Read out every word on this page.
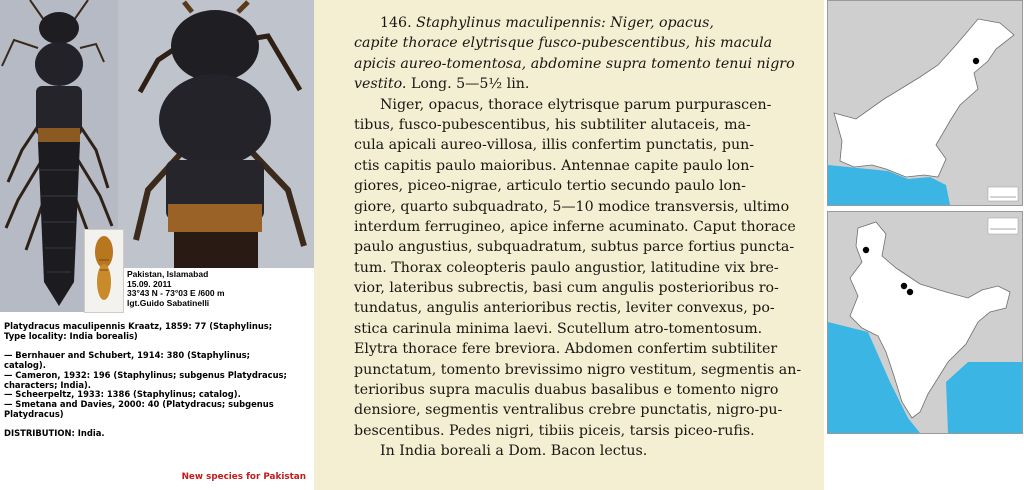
Pakistan, Islamabad
15.09. 2011
33°43 N - 73°03 E /600 m
lgt.Guido Sabatinelli

Platydracus maculipennis Kraatz, 1859: 77 (Staphylinus;
Type locality: India borealis)

— Bernhauer and Schubert, 1914: 380 (Staphylinus;
catalog).

— Cameron, 1932: 196 (Staphylinus; subgenus Platydracus;
characters; India).

— Scheerpeltz, 1933: 1386 (Staphylinus; catalog).

— Smetana and Davies, 2000: 40 (Platydracus; subgenus
Platydracus)

DISTRIBUTION: India.

New species for Pakistan
146. Staphylinus maculipennis: Niger, opacus,
capite thorace elytrisque fusco-pubescentibus, his macula
apicis aureo-tomentosa, abdomine supra tomento tenui nigro
vestito. Long. 5—5½ lin.
Niger, opacus, thorace elytrisque parum purpurascen-
tibus, fusco-pubescentibus, his subtiliter alutaceis, ma-
cula apicali aureo-villosa, illis confertim punctatis, pun-
ctis capitis paulo maioribus. Antennae capite paulo lon-
giores, piceo-nigrae, articulo tertio secundo paulo lon-
giore, quarto subquadrato, 5—10 modice transversis, ultimo
interdum ferrugineo, apice inferne acuminato. Caput thorace
paulo angustius, subquadratum, subtus parce fortius puncta-
tum. Thorax coleopteris paulo angustior, latitudine vix bre-
vior, lateribus subrectis, basi cum angulis posterioribus ro-
tundatus, angulis anterioribus rectis, leviter convexus, po-
stica carinula minima laevi. Scutellum atro-tomentosum.
Elytra thorace fere breviora. Abdomen confertim subtiliter
punctatum, tomento brevissimo nigro vestitum, segmentis an-
terioribus supra maculis duabus basalibus e tomento nigro
densiore, segmentis ventralibus crebre punctatis, nigro-pu-
bescentibus. Pedes nigri, tibiis piceis, tarsis piceo-rufis.
In India boreali a Dom. Bacon lectus.
